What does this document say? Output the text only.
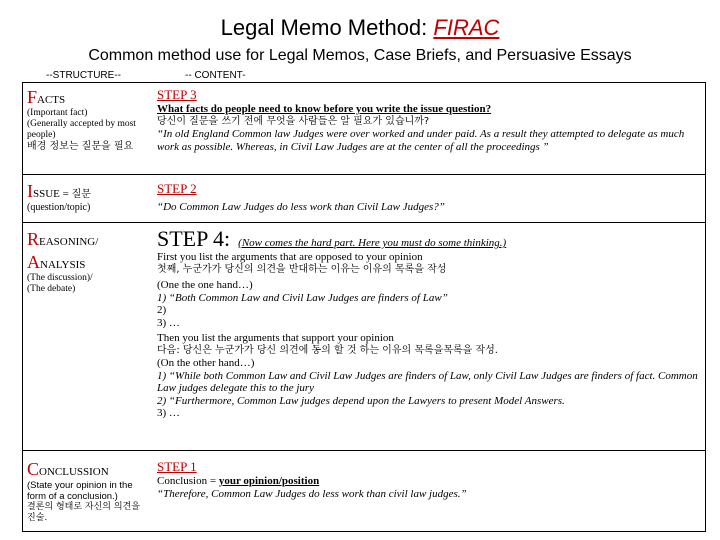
Legal Memo Method: FIRAC
Common method use for Legal Memos, Case Briefs, and Persuasive Essays
--STRUCTURE--	-- CONTENT-
FACTS
(Important fact)
(Generally accepted by most people)
배경 정보는 질문을 필요
STEP 3
What facts do people need to know before you write the issue question?
당신이 질문을 쓰기 전에 무엇을 사람들은 알 필요가 있습니까?
“In old England Common law Judges were over worked and under paid. As a result they attempted to delegate as much work as possible. Whereas, in Civil Law Judges are at the center of all the proceedings ”
ISSUE = 질문
(question/topic)
STEP 2
“Do Common Law Judges do less work than Civil Law Judges?”
REASONING/
ANALYSIS
(The discussion)/
(The debate)
STEP 4: (Now comes the hard part. Here you must do some thinking.)
First you list the arguments that are opposed to your opinion
첫째, 누군가가 당신의 의견을 반대하는 이유는 이유의 목록을 작성
(One the one hand…)
1) “Both Common Law and Civil Law Judges are finders of Law”
2)
3) …
Then you list the arguments that support your opinion
다음: 당신은 누군가가 당신 의견에 동의 할 것 하는 이유의 목록을목록을 작성.
(On the other hand…)
1) “While both Common Law and Civil Law Judges are finders of Law, only Civil Law Judges are finders of fact. Common Law judges delegate this to the jury
2) “Furthermore, Common Law judges depend upon the Lawyers to present Model Answers.
3) …
CONCLUSSION
(State your opinion in the form of a conclusion.)
결론의 형태로 자신의 의견을 진술.
STEP 1
Conclusion = your opinion/position
“Therefore, Common Law Judges do less work than civil law judges.”
